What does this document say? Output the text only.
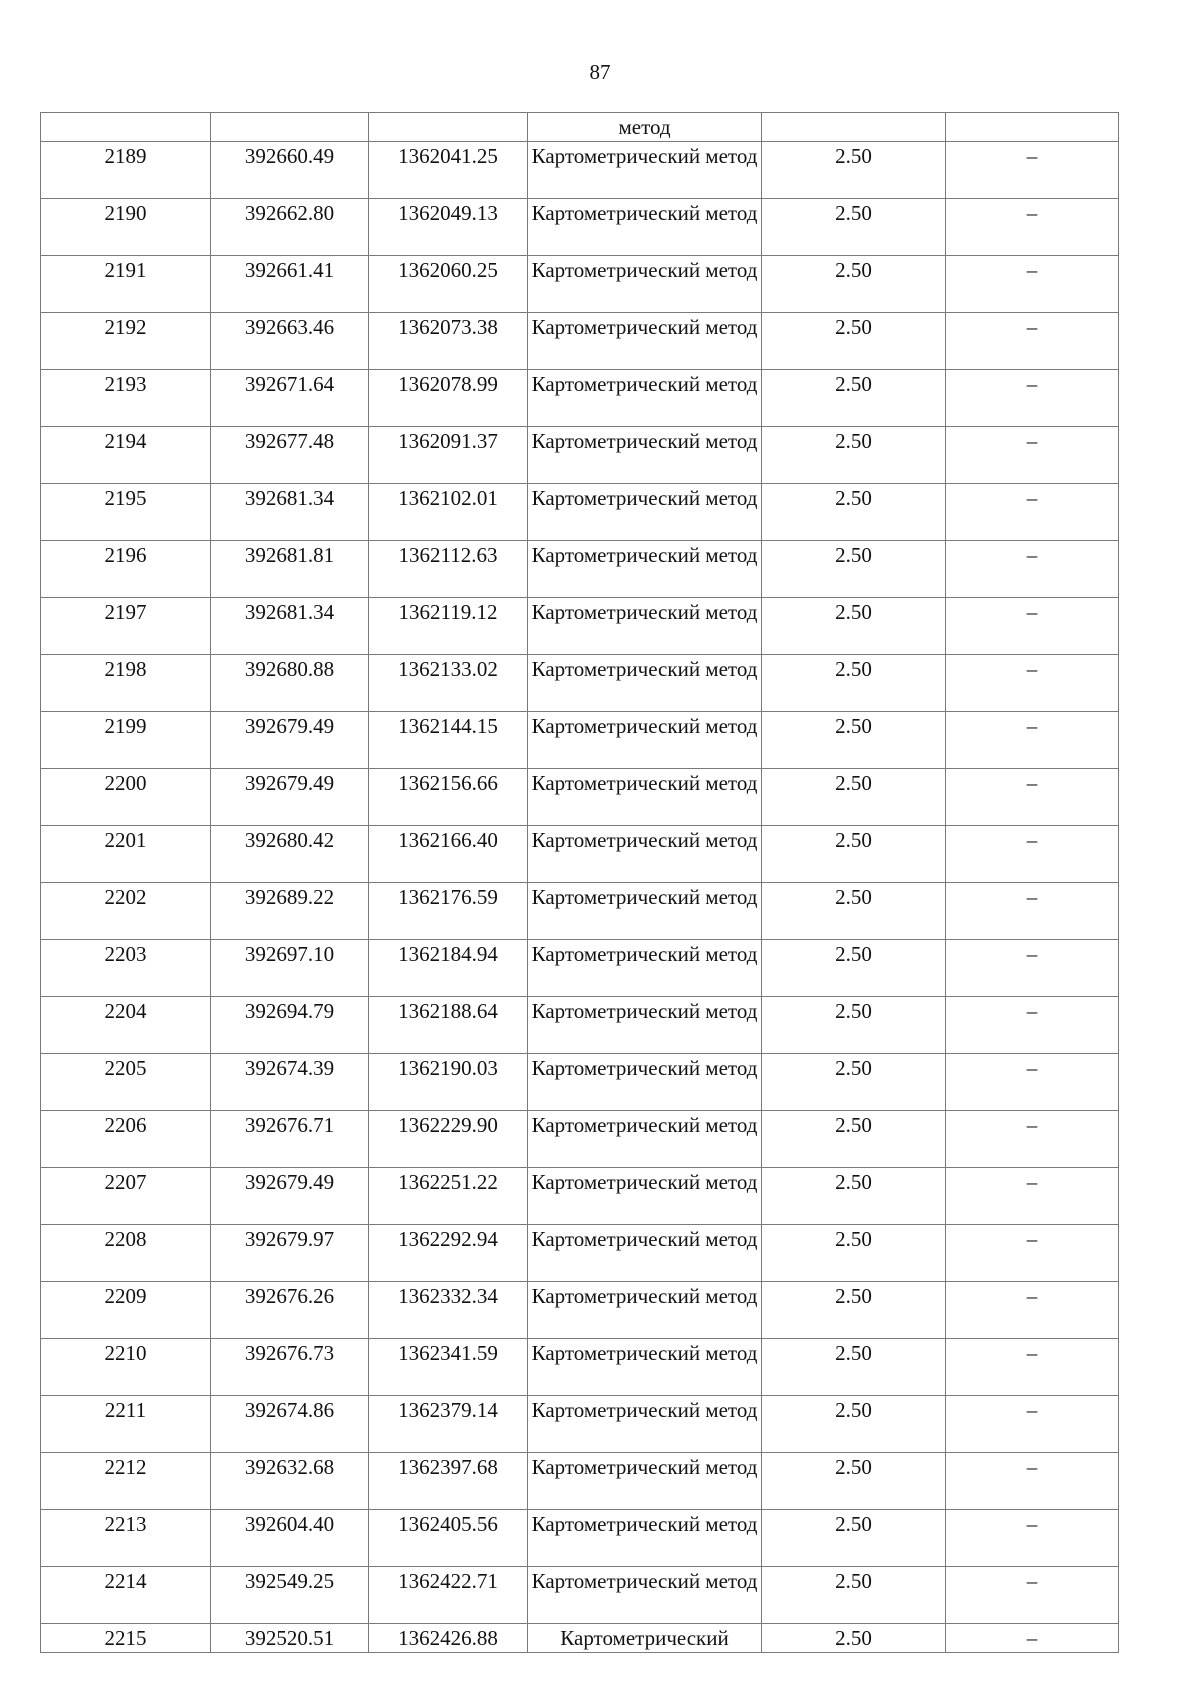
87
			метод		
2189	392660.49	1362041.25	Картометрический метод	2.50	–
2190	392662.80	1362049.13	Картометрический метод	2.50	–
2191	392661.41	1362060.25	Картометрический метод	2.50	–
2192	392663.46	1362073.38	Картометрический метод	2.50	–
2193	392671.64	1362078.99	Картометрический метод	2.50	–
2194	392677.48	1362091.37	Картометрический метод	2.50	–
2195	392681.34	1362102.01	Картометрический метод	2.50	–
2196	392681.81	1362112.63	Картометрический метод	2.50	–
2197	392681.34	1362119.12	Картометрический метод	2.50	–
2198	392680.88	1362133.02	Картометрический метод	2.50	–
2199	392679.49	1362144.15	Картометрический метод	2.50	–
2200	392679.49	1362156.66	Картометрический метод	2.50	–
2201	392680.42	1362166.40	Картометрический метод	2.50	–
2202	392689.22	1362176.59	Картометрический метод	2.50	–
2203	392697.10	1362184.94	Картометрический метод	2.50	–
2204	392694.79	1362188.64	Картометрический метод	2.50	–
2205	392674.39	1362190.03	Картометрический метод	2.50	–
2206	392676.71	1362229.90	Картометрический метод	2.50	–
2207	392679.49	1362251.22	Картометрический метод	2.50	–
2208	392679.97	1362292.94	Картометрический метод	2.50	–
2209	392676.26	1362332.34	Картометрический метод	2.50	–
2210	392676.73	1362341.59	Картометрический метод	2.50	–
2211	392674.86	1362379.14	Картометрический метод	2.50	–
2212	392632.68	1362397.68	Картометрический метод	2.50	–
2213	392604.40	1362405.56	Картометрический метод	2.50	–
2214	392549.25	1362422.71	Картометрический метод	2.50	–
2215	392520.51	1362426.88	Картометрический	2.50	–
